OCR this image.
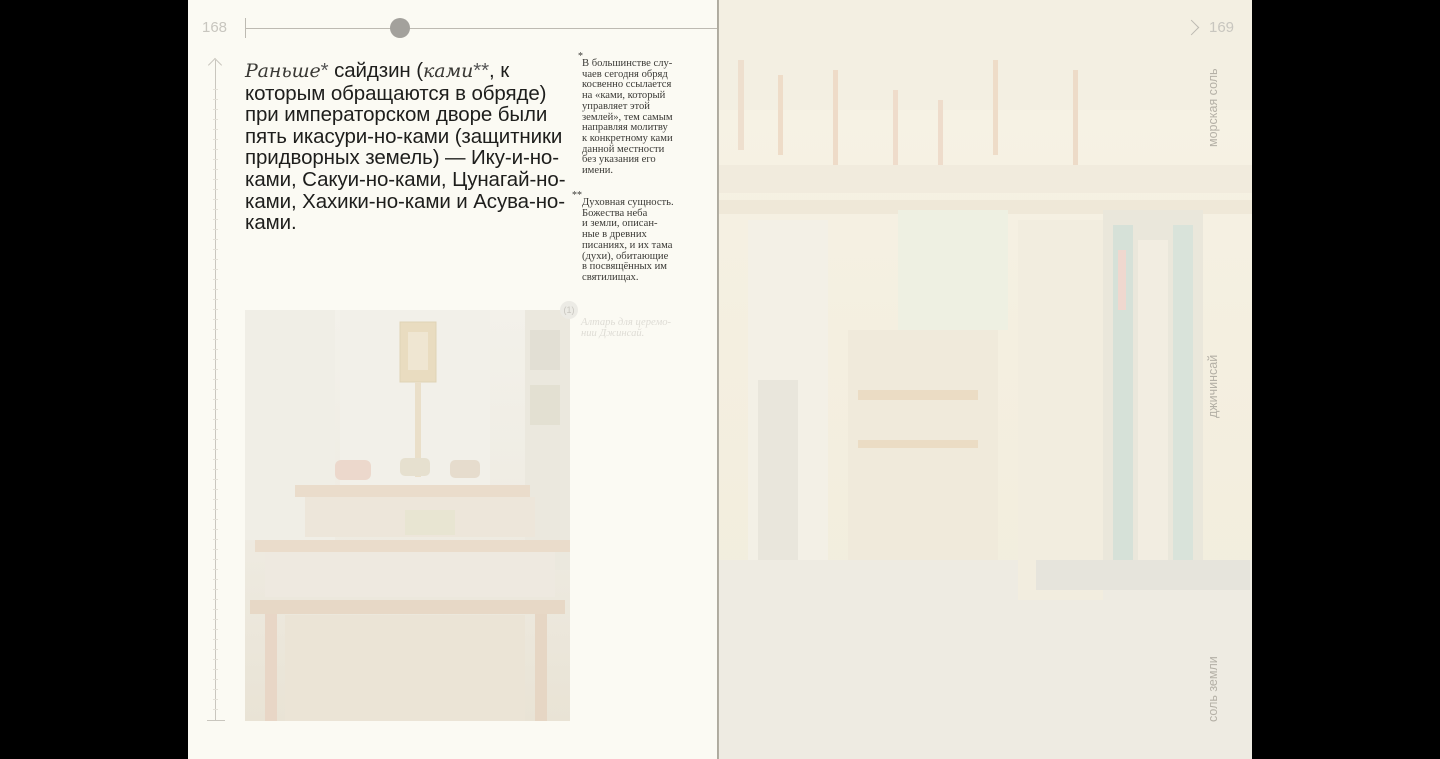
168
Раньше* сайдзин (ками**, к которым обращаются в обряде) при императорском дворе были пять икасури-но-ками (защитники придворных земель) — Ику-и-но-ками, Сакуи-но-ками, Цунагай-но-ками, Хахики-но-ками и Асува-но-ками.
*
В большинстве слу-
чаев сегодня обряд
косвенно ссылается
на «ками, который
управляет этой
землей», тем самым
направляя молитву
к конкретному ками
данной местности
без указания его
имени.
**
Духовная сущность.
Божества неба
и земли, описан-
ные в древних
писаниях, и их тама
(духи), обитающие
в посвящённых им
святилищах.
(1)
Алтарь для церемо-
нии Джинсай.
169
морская соль
джичинсай
соль земли
